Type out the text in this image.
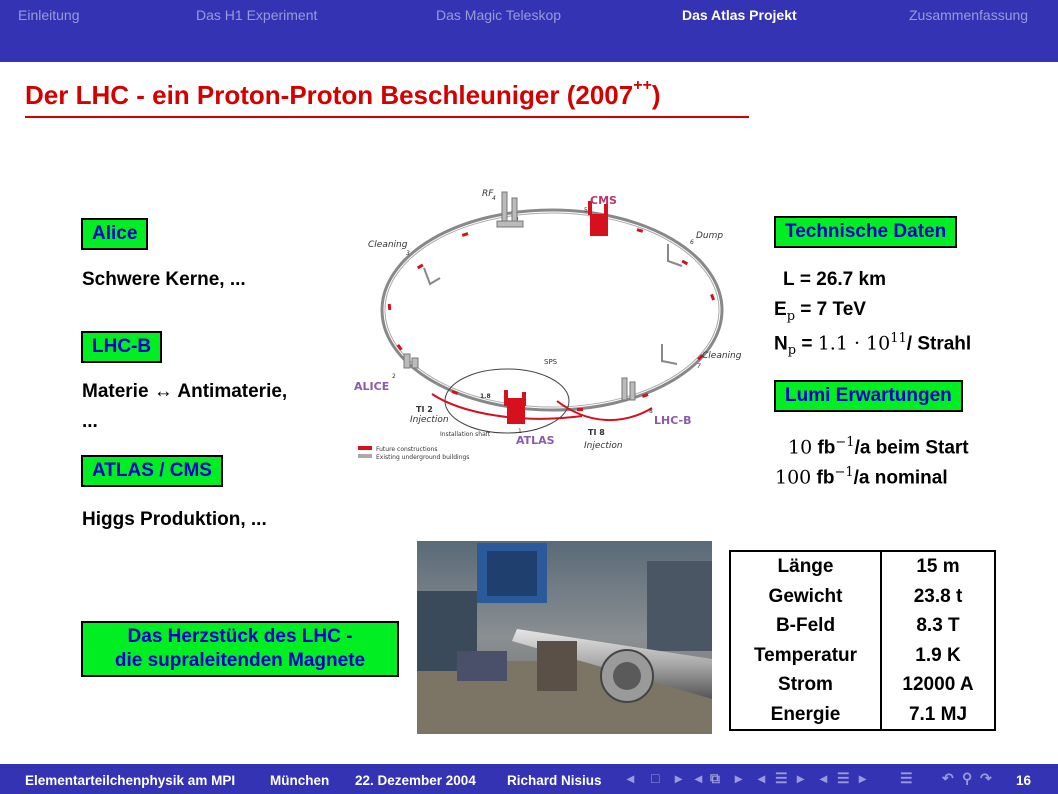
Einleitung	Das H1 Experiment	Das Magic Teleskop	Das Atlas Projekt	Zusammenfassung
Der LHC - ein Proton-Proton Beschleuniger (2007++)
Alice
Schwere Kerne, ...
LHC-B
Materie ↔ Antimaterie,
...
ATLAS / CMS
Higgs Produktion, ...
Das Herzstück des LHC -
die supraleitenden Magnete
RF
4
Cleaning
3
Dump
6
Cleaning
7
TI 2
Injection
TI 8
Injection
5
SPS
2
8
1
1.8
Installation shaft
CMS
ALICE
LHC-B
ATLAS
Future constructions
Existing underground buildings
Technische Daten
L = 26.7 km
$E_p = 7$ TeV
$N_p = 1.1 \cdot 10^{11}/$ Strahl
Lumi Erwartungen
10 $fb^{-1}/a$ beim Start
100 $fb^{-1}/a$ nominal
Länge	15 m
Gewicht	23.8 t
B-Feld	8.3 T
Temperatur	1.9 K
Strom	12000 A
Energie	7.1 MJ
Elementarteilchenphysik am MPI	München 22. Dezember 2004 Richard Nisius ◂ □ ▸ ◂ ⧉ ▸ ◂ ☰ ▸ ◂ ☰ ▸ ☰ ↶ ⚲ ↷ 16
